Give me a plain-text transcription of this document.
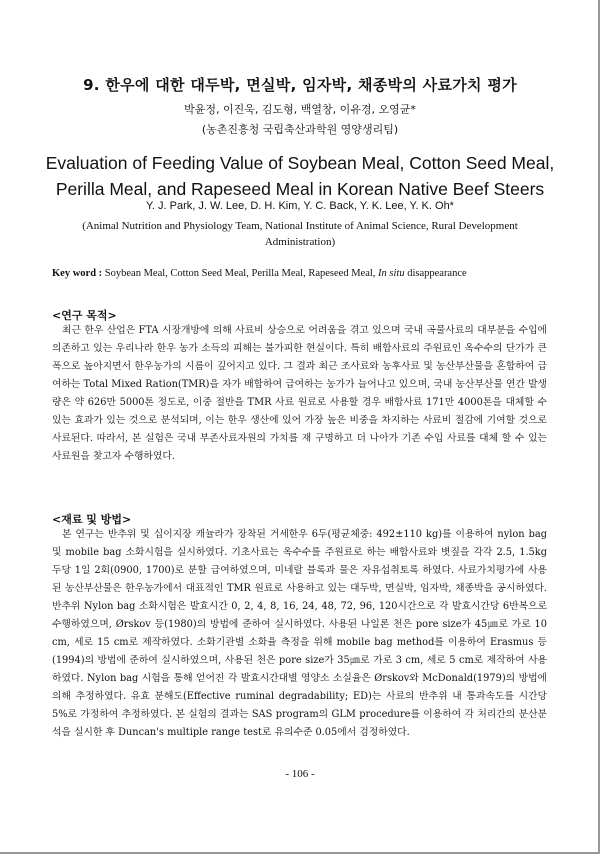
9. 한우에 대한 대두박, 면실박, 임자박, 채종박의 사료가치 평가
박윤정, 이진욱, 김도형, 백열창, 이유경, 오영균*
(농촌진흥청 국립축산과학원 영양생리팀)
Evaluation of Feeding Value of Soybean Meal, Cotton Seed Meal,
Perilla Meal, and Rapeseed Meal in Korean Native Beef Steers
Y. J. Park, J. W. Lee, D. H. Kim, Y. C. Back, Y. K. Lee, Y. K. Oh*
(Animal Nutrition and Physiology Team, National Institute of Animal Science, Rural Development Administration)
Key word : Soybean Meal, Cotton Seed Meal, Perilla Meal, Rapeseed Meal, In situ disappearance
<연구 목적>
최근 한우 산업은 FTA 시장개방에 의해 사료비 상승으로 어려움을 겪고 있으며 국내 곡물사료의 대부분을 수입에 의존하고 있는 우리나라 한우 농가 소득의 피해는 불가피한 현실이다. 특히 배합사료의 주원료인 옥수수의 단가가 큰 폭으로 높아지면서 한우농가의 시름이 깊어지고 있다. 그 결과 최근 조사료와 농후사료 및 농산부산물을 혼합하여 급여하는 Total Mixed Ration(TMR)을 자가 배합하여 급여하는 농가가 늘어나고 있으며, 국내 농산부산물 연간 발생량은 약 626만 5000톤 정도로, 이중 절반을 TMR 사료 원료로 사용할 경우 배합사료 171만 4000톤을 대체할 수 있는 효과가 있는 것으로 분석되며, 이는 한우 생산에 있어 가장 높은 비중을 차지하는 사료비 절감에 기여할 것으로 사료된다. 따라서, 본 실험은 국내 부존사료자원의 가치를 재 구명하고 더 나아가 기존 수입 사료를 대체 할 수 있는 사료원을 찾고자 수행하였다.
<재료 및 방법>
본 연구는 반추위 및 십이지장 캐뉼라가 장착된 거세한우 6두(평균체중: 492±110 kg)를 이용하여 nylon bag 및 mobile bag 소화시험을 실시하였다. 기초사료는 옥수수를 주원료로 하는 배합사료와 볏짚을 각각 2.5, 1.5kg 두당 1일 2회(0900, 1700)로 분할 급여하였으며, 미네랄 블록과 물은 자유섭취토록 하였다. 사료가치평가에 사용된 농산부산물은 한우농가에서 대표적인 TMR 원료로 사용하고 있는 대두박, 면실박, 임자박, 채종박을 공시하였다. 반추위 Nylon bag 소화시험은 발효시간 0, 2, 4, 8, 16, 24, 48, 72, 96, 120시간으로 각 발효시간당 6반복으로 수행하였으며, Ørskov 등(1980)의 방법에 준하여 실시하였다. 사용된 나일론 천은 pore size가 45㎛로 가로 10 cm, 세로 15 cm로 제작하였다. 소화기관별 소화율 측정을 위해 mobile bag method를 이용하여 Erasmus 등(1994)의 방법에 준하여 실시하였으며, 사용된 천은 pore size가 35㎛로 가로 3 cm, 세로 5 cm로 제작하여 사용하였다. Nylon bag 시험을 통해 얻어진 각 발효시간대별 영양소 소실율은 Ørskov와 McDonald(1979)의 방법에 의해 추정하였다. 유효 분해도(Effective ruminal degradability; ED)는 사료의 반추위 내 통과속도를 시간당 5%로 가정하여 추정하였다. 본 실험의 결과는 SAS program의 GLM procedure를 이용하여 각 처리간의 분산분석을 실시한 후 Duncan's multiple range test로 유의수준 0.05에서 검정하였다.
- 106 -
